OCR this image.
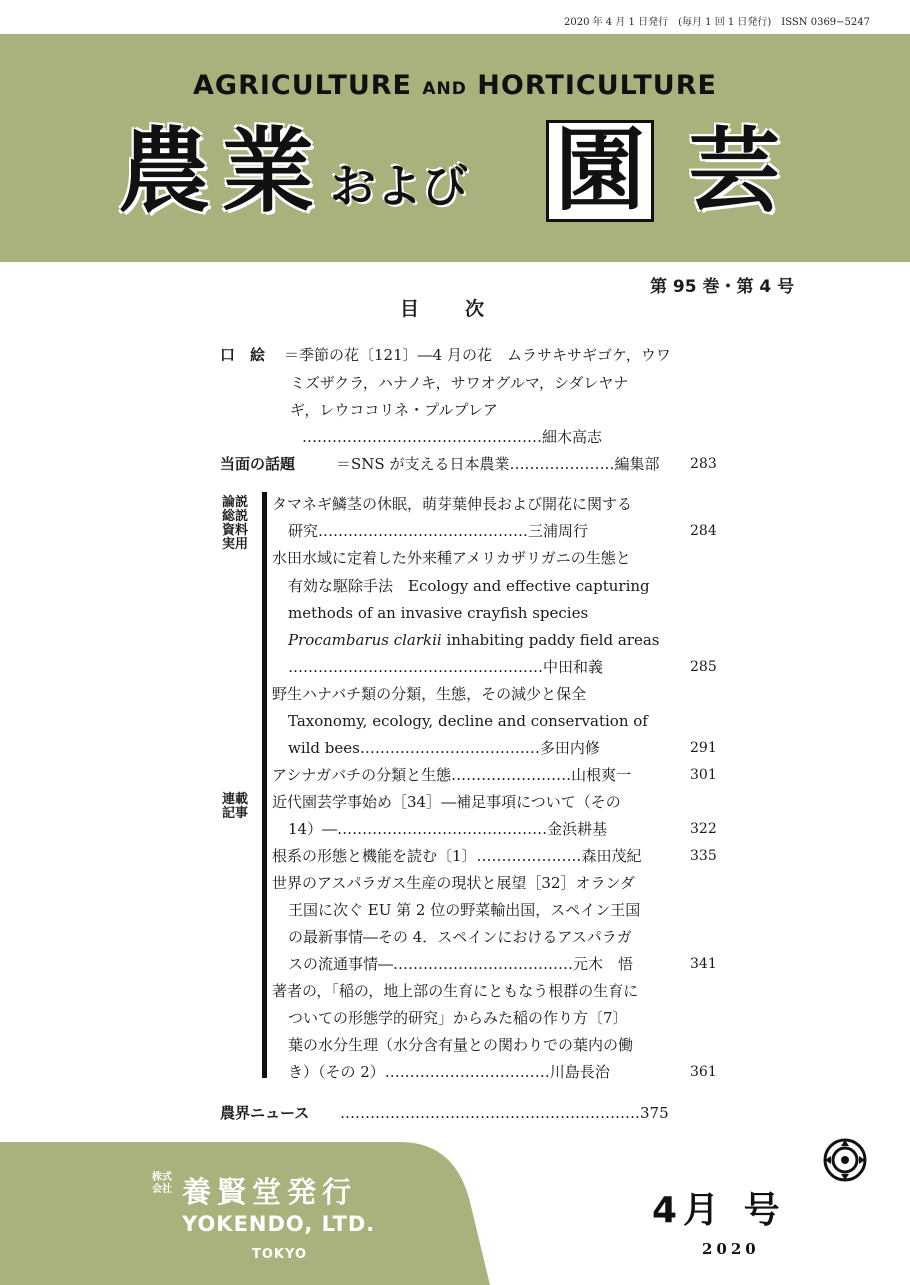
2020 年 4 月 1 日発行　(毎月 1 回 1 日発行)　ISSN 0369−5247
AGRICULTURE AND HORTICULTURE
農 業 および 園 芸
第 95 巻・第 4 号
目次
口　絵 ＝季節の花〔121〕―4 月の花　ムラサキサギゴケ，ウワ
ミズザクラ，ハナノキ，サワオグルマ，シダレヤナ
ギ，レウココリネ・プルプレア
…………………………………………細木高志
当面の話題	＝SNS が支える日本農業…………………編集部 283
論説
総説
資料
実用
連載
記事
タマネギ鱗茎の休眠，萌芽葉伸長および開花に関する
研究……………………………………三浦周行	284
水田水域に定着した外来種アメリカザリガニの生態と
有効な駆除手法　Ecology and effective capturing
methods of an invasive crayfish species
Procambarus clarkii inhabiting paddy field areas
……………………………………………中田和義	285
野生ハナバチ類の分類，生態，その減少と保全
Taxonomy, ecology, decline and conservation of
wild bees………………………………多田内修	291
アシナガバチの分類と生態……………………山根爽一	301
近代園芸学事始め［34］―補足事項について（その
14）―……………………………………金浜耕基	322
根系の形態と機能を読む〔1〕…………………森田茂紀	335
世界のアスパラガス生産の現状と展望［32］オランダ
王国に次ぐ EU 第 2 位の野菜輸出国，スペイン王国
の最新事情―その 4．スペインにおけるアスパラガ
スの流通事情―………………………………元木　悟	341
著者の，「稲の，地上部の生育にともなう根群の生育に
ついての形態学的研究」からみた稲の作り方〔7〕
葉の水分生理（水分含有量との関わりでの葉内の働
き）（その 2）……………………………川島長治	361
農界ニュース ……………………………………………………375
株式
会社 養賢堂発行
YOKENDO, LTD.
TOKYO
4月 号
2020
